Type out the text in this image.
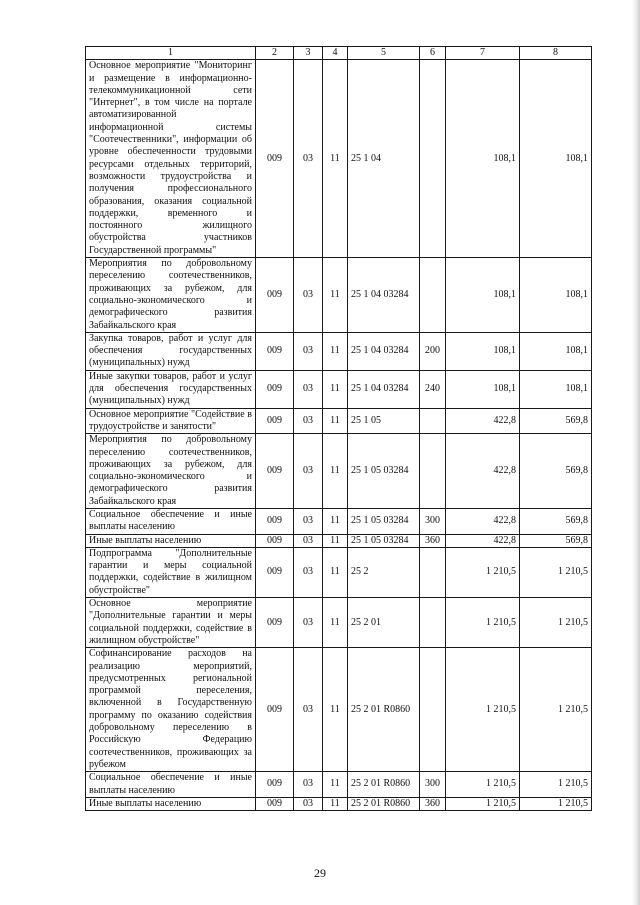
1	2	3	4	5	6	7	8
Основное мероприятие "Мониторинг и размещение в информационно-телекоммуникационной сети "Интернет", в том числе на портале автоматизированной информационной системы "Соотечественники", информации об уровне обеспеченности трудовыми ресурсами отдельных территорий, возможности трудоустройства и получения профессионального образования, оказания социальной поддержки, временного и постоянного жилищного обустройства участников Государственной программы"	009	03	11	25 1 04		108,1	108,1
Мероприятия по добровольному переселению соотечественников, проживающих за рубежом, для социально-экономического и демографического развития Забайкальского края	009	03	11	25 1 04 03284		108,1	108,1
Закупка товаров, работ и услуг для обеспечения государственных (муниципальных) нужд	009	03	11	25 1 04 03284	200	108,1	108,1
Иные закупки товаров, работ и услуг для обеспечения государственных (муниципальных) нужд	009	03	11	25 1 04 03284	240	108,1	108,1
Основное мероприятие "Содействие в трудоустройстве и занятости"	009	03	11	25 1 05		422,8	569,8
Мероприятия по добровольному переселению соотечественников, проживающих за рубежом, для социально-экономического и демографического развития Забайкальского края	009	03	11	25 1 05 03284		422,8	569,8
Социальное обеспечение и иные выплаты населению	009	03	11	25 1 05 03284	300	422,8	569,8
Иные выплаты населению	009	03	11	25 1 05 03284	360	422,8	569,8
Подпрограмма "Дополнительные гарантии и меры социальной поддержки, содействие в жилищном обустройстве"	009	03	11	25 2		1 210,5	1 210,5
Основное мероприятие "Дополнительные гарантии и меры социальной поддержки, содействие в жилищном обустройстве"	009	03	11	25 2 01		1 210,5	1 210,5
Софинансирование расходов на реализацию мероприятий, предусмотренных региональной программой переселения, включенной в Государственную программу по оказанию содействия добровольному переселению в Российскую Федерацию соотечественников, проживающих за рубежом	009	03	11	25 2 01 R0860		1 210,5	1 210,5
Социальное обеспечение и иные выплаты населению	009	03	11	25 2 01 R0860	300	1 210,5	1 210,5
Иные выплаты населению	009	03	11	25 2 01 R0860	360	1 210,5	1 210,5
29
